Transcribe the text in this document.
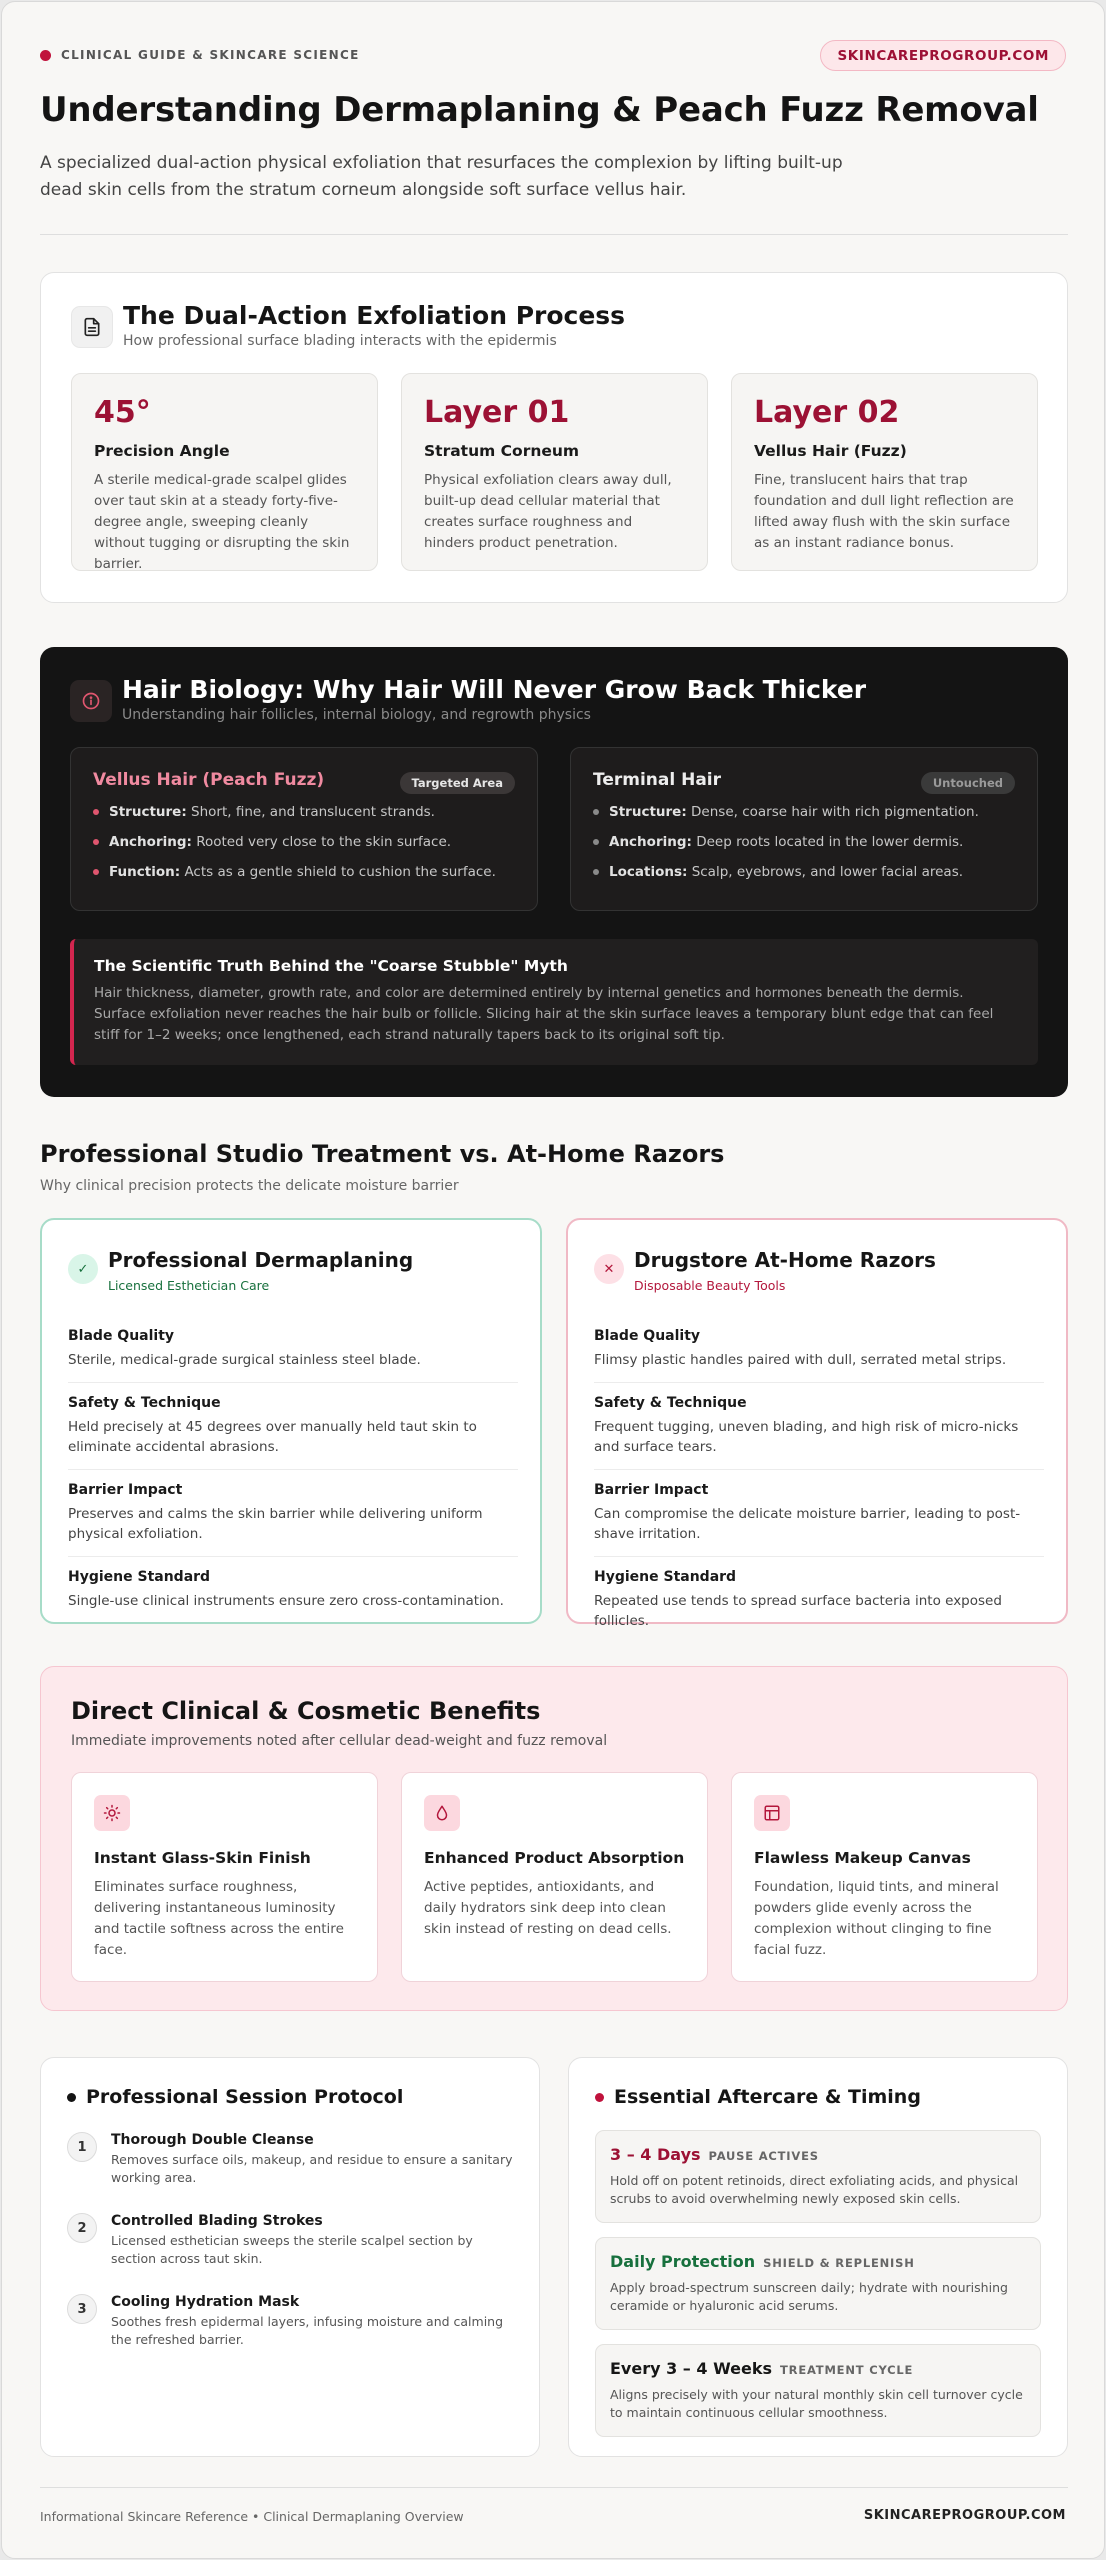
CLINICAL GUIDE & SKINCARE SCIENCE	SKINCAREPROGROUP.COM
Understanding Dermaplaning & Peach Fuzz Removal
A specialized dual-action physical exfoliation that resurfaces the complexion by lifting built-up dead skin cells from the stratum corneum alongside soft surface vellus hair.
The Dual-Action Exfoliation Process
How professional surface blading interacts with the epidermis
45°
Precision Angle
A sterile medical-grade scalpel glides over taut skin at a steady forty-five-degree angle, sweeping cleanly without tugging or disrupting the skin barrier.
Layer 01
Stratum Corneum
Physical exfoliation clears away dull, built-up dead cellular material that creates surface roughness and hinders product penetration.
Layer 02
Vellus Hair (Fuzz)
Fine, translucent hairs that trap foundation and dull light reflection are lifted away flush with the skin surface as an instant radiance bonus.
Hair Biology: Why Hair Will Never Grow Back Thicker
Understanding hair follicles, internal biology, and regrowth physics
Vellus Hair (Peach Fuzz)	Targeted Area
Structure: Short, fine, and translucent strands.
Anchoring: Rooted very close to the skin surface.
Function: Acts as a gentle shield to cushion the surface.
Terminal Hair	Untouched
Structure: Dense, coarse hair with rich pigmentation.
Anchoring: Deep roots located in the lower dermis.
Locations: Scalp, eyebrows, and lower facial areas.
The Scientific Truth Behind the "Coarse Stubble" Myth
Hair thickness, diameter, growth rate, and color are determined entirely by internal genetics and hormones beneath the dermis. Surface exfoliation never reaches the hair bulb or follicle. Slicing hair at the skin surface leaves a temporary blunt edge that can feel stiff for 1–2 weeks; once lengthened, each strand naturally tapers back to its original soft tip.
Professional Studio Treatment vs. At-Home Razors
Why clinical precision protects the delicate moisture barrier
✓ Professional Dermaplaning
Licensed Esthetician Care
Blade Quality
Sterile, medical-grade surgical stainless steel blade.
Safety & Technique
Held precisely at 45 degrees over manually held taut skin to eliminate accidental abrasions.
Barrier Impact
Preserves and calms the skin barrier while delivering uniform physical exfoliation.
Hygiene Standard
Single-use clinical instruments ensure zero cross-contamination.
✕ Drugstore At-Home Razors
Disposable Beauty Tools
Blade Quality
Flimsy plastic handles paired with dull, serrated metal strips.
Safety & Technique
Frequent tugging, uneven blading, and high risk of micro-nicks and surface tears.
Barrier Impact
Can compromise the delicate moisture barrier, leading to post-shave irritation.
Hygiene Standard
Repeated use tends to spread surface bacteria into exposed follicles.
Direct Clinical & Cosmetic Benefits
Immediate improvements noted after cellular dead-weight and fuzz removal
Instant Glass-Skin Finish
Eliminates surface roughness, delivering instantaneous luminosity and tactile softness across the entire face.
Enhanced Product Absorption
Active peptides, antioxidants, and daily hydrators sink deep into clean skin instead of resting on dead cells.
Flawless Makeup Canvas
Foundation, liquid tints, and mineral powders glide evenly across the complexion without clinging to fine facial fuzz.
Professional Session Protocol
1	Thorough Double Cleanse
Removes surface oils, makeup, and residue to ensure a sanitary working area.
2	Controlled Blading Strokes
Licensed esthetician sweeps the sterile scalpel section by section across taut skin.
3	Cooling Hydration Mask
Soothes fresh epidermal layers, infusing moisture and calming the refreshed barrier.
Essential Aftercare & Timing
3 – 4 Days PAUSE ACTIVES
Hold off on potent retinoids, direct exfoliating acids, and physical scrubs to avoid overwhelming newly exposed skin cells.
Daily Protection SHIELD & REPLENISH
Apply broad-spectrum sunscreen daily; hydrate with nourishing ceramide or hyaluronic acid serums.
Every 3 – 4 Weeks TREATMENT CYCLE
Aligns precisely with your natural monthly skin cell turnover cycle to maintain continuous cellular smoothness.
Informational Skincare Reference • Clinical Dermaplaning Overview	SKINCAREPROGROUP.COM
